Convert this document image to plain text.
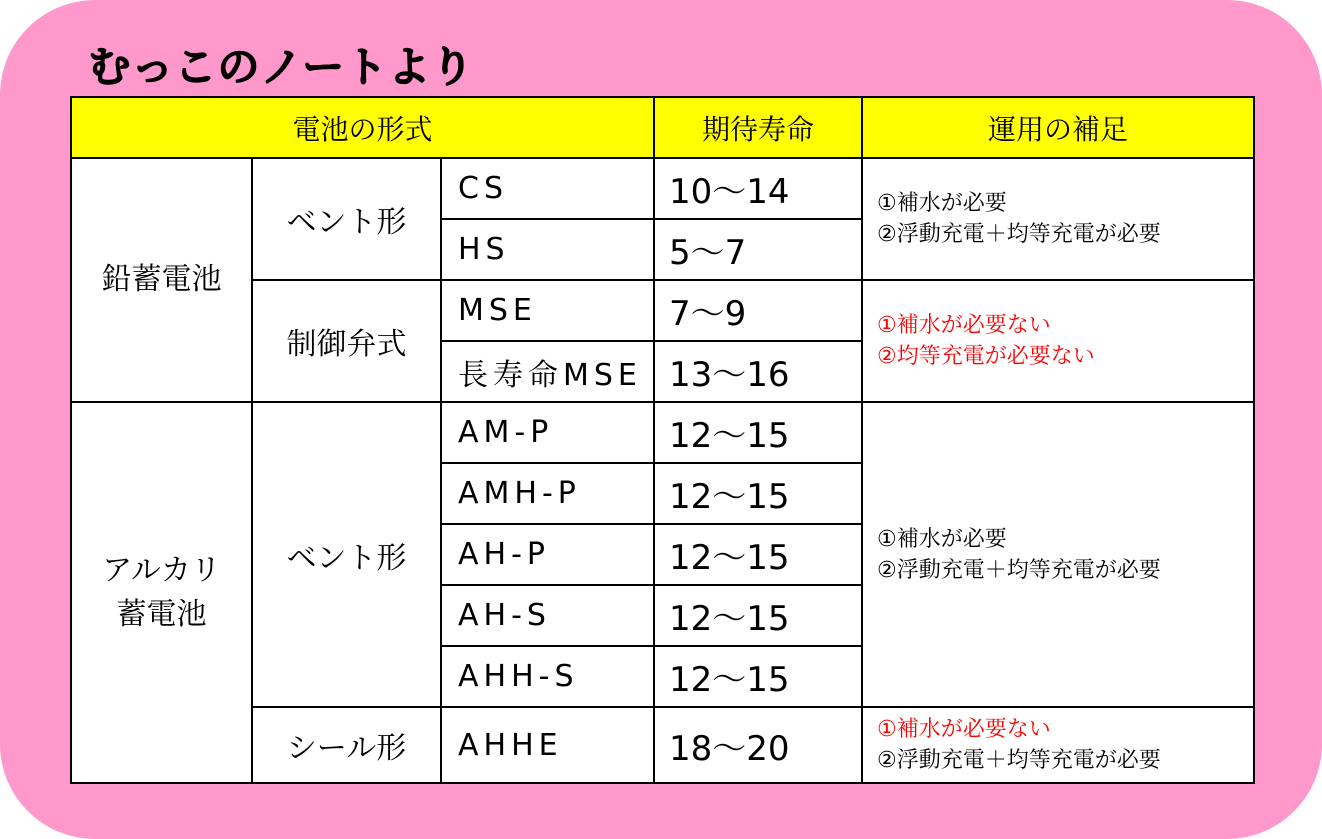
むっこのノートより
電池の形式			期待寿命	運用の補足
鉛蓄電池	ベント形	CS	10～14	①補水が必要
②浮動充電＋均等充電が必要

		HS	5～7	
	制御弁式	MSE	7～9	①補水が必要ない
②均等充電が必要ない

		長寿命MSE	13～16	

アルカリ
蓄電池	ベント形	AM-P	12～15	①補水が必要
②浮動充電＋均等充電が必要

		AMH-P	12～15	
		AH-P	12～15	
		AH-S	12～15	
		AHH-S	12～15	
	シール形	AHHE	18～20	①補水が必要ない
②浮動充電＋均等充電が必要
